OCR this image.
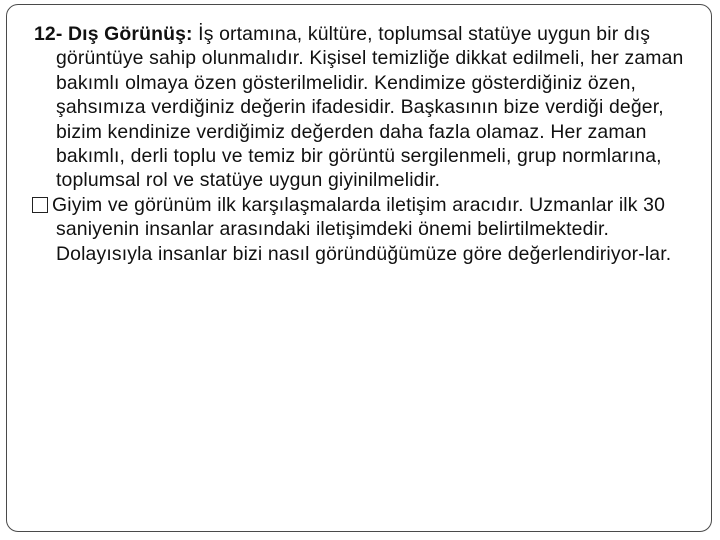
12- Dış Görünüş: İş ortamına, kültüre, toplumsal statüye uygun bir dış görüntüye sahip olunmalıdır. Kişisel temizliğe dikkat edilmeli, her zaman bakımlı olmaya özen gösterilmelidir. Kendimize gösterdiğiniz özen, şahsımıza verdiğiniz değerin ifadesidir. Başkasının bize verdiği değer, bizim kendinize verdiğimiz değerden daha fazla olamaz. Her zaman bakımlı, derli toplu ve temiz bir görüntü sergilenmeli, grup normlarına, toplumsal rol ve statüye uygun giyinilmelidir.

Giyim ve görünüm ilk karşılaşmalarda iletişim aracıdır. Uzmanlar ilk 30 saniyenin insanlar arasındaki iletişimdeki önemi belirtilmektedir. Dolayısıyla insanlar bizi nasıl göründüğümüze göre değerlendiriyor-lar.
